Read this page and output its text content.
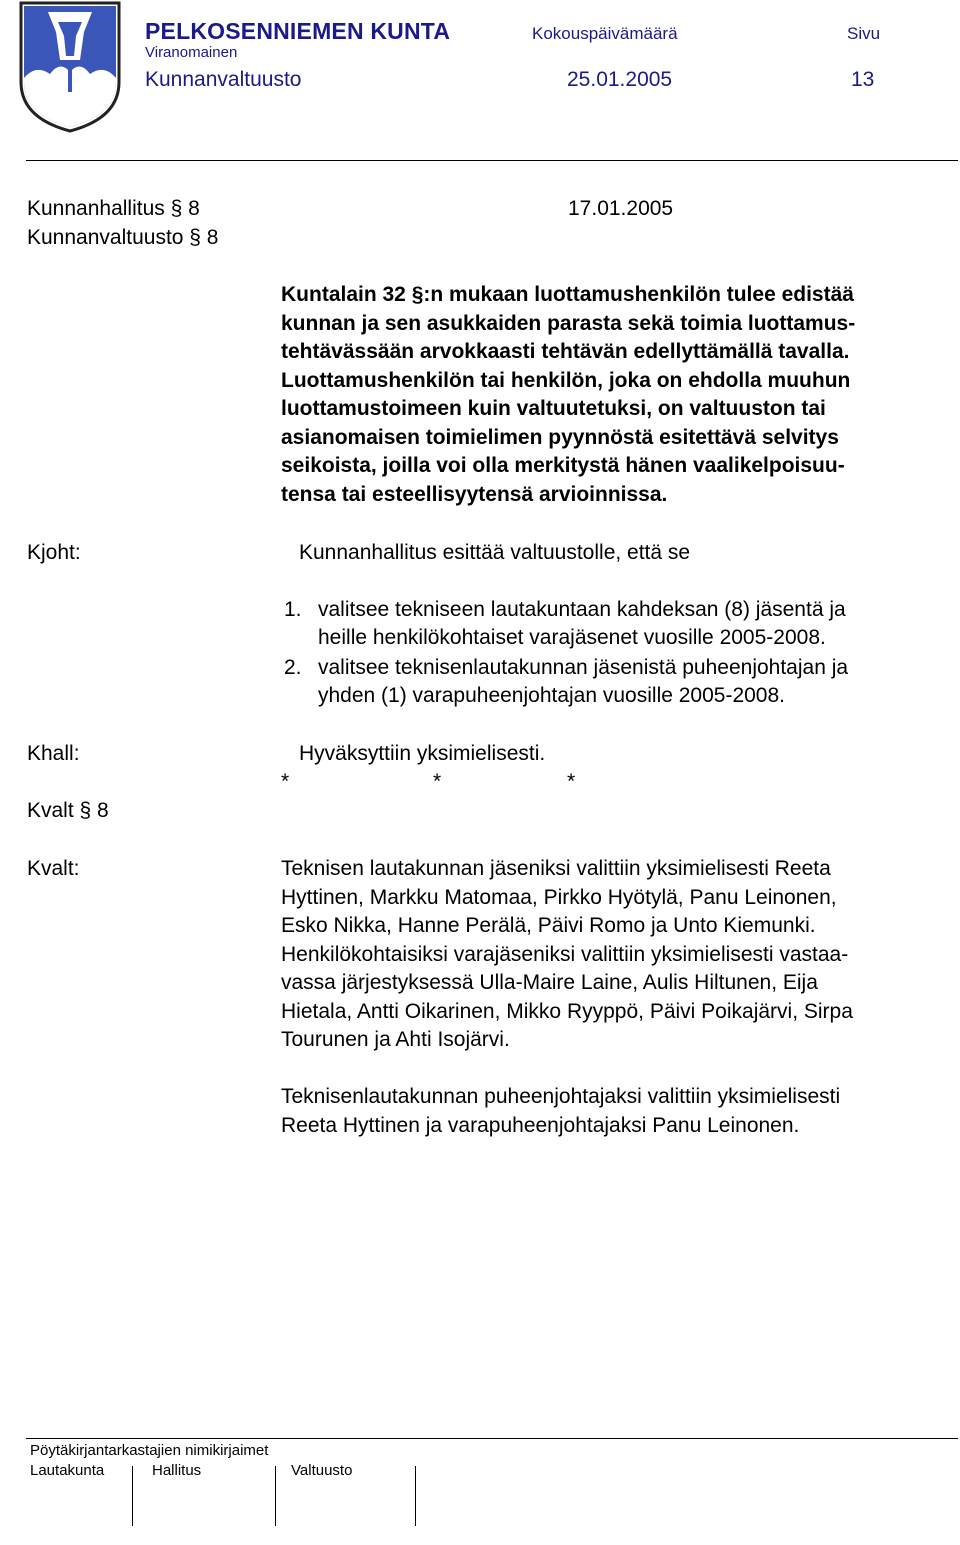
PELKOSENNIEMEN KUNTA	Kokouspäivämäärä	Sivu
Viranomainen
Kunnanvaltuusto	25.01.2005	13
Kunnanhallitus § 8	17.01.2005
Kunnanvaltuusto § 8
Kuntalain 32 §:n mukaan luottamushenkilön tulee edistää
kunnan ja sen asukkaiden parasta sekä toimia luottamus-
tehtävässään arvokkaasti tehtävän edellyttämällä tavalla.
Luottamushenkilön tai henkilön, joka on ehdolla muuhun
luottamustoimeen kuin valtuutetuksi, on valtuuston tai
asianomaisen toimielimen pyynnöstä esitettävä selvitys
seikoista, joilla voi olla merkitystä hänen vaalikelpoisuu-
tensa tai esteellisyytensä arvioinnissa.
Kjoht:	Kunnanhallitus esittää valtuustolle, että se
1. valitsee tekniseen lautakuntaan kahdeksan (8) jäsentä ja
heille henkilökohtaiset varajäsenet vuosille 2005-2008.
2. valitsee teknisenlautakunnan jäsenistä puheenjohtajan ja
yhden (1) varapuheenjohtajan vuosille 2005-2008.
Khall:	Hyväksyttiin yksimielisesti.
*	*	*
Kvalt § 8
Kvalt:	Teknisen lautakunnan jäseniksi valittiin yksimielisesti Reeta
Hyttinen, Markku Matomaa, Pirkko Hyötylä, Panu Leinonen,
Esko Nikka, Hanne Perälä, Päivi Romo ja Unto Kiemunki.
Henkilökohtaisiksi varajäseniksi valittiin yksimielisesti vastaa-
vassa järjestyksessä Ulla-Maire Laine, Aulis Hiltunen, Eija
Hietala, Antti Oikarinen, Mikko Ryyppö, Päivi Poikajärvi, Sirpa
Tourunen ja Ahti Isojärvi.
Teknisenlautakunnan puheenjohtajaksi valittiin yksimielisesti
Reeta Hyttinen ja varapuheenjohtajaksi Panu Leinonen.
Pöytäkirjantarkastajien nimikirjaimet
Lautakunta	Hallitus	Valtuusto
